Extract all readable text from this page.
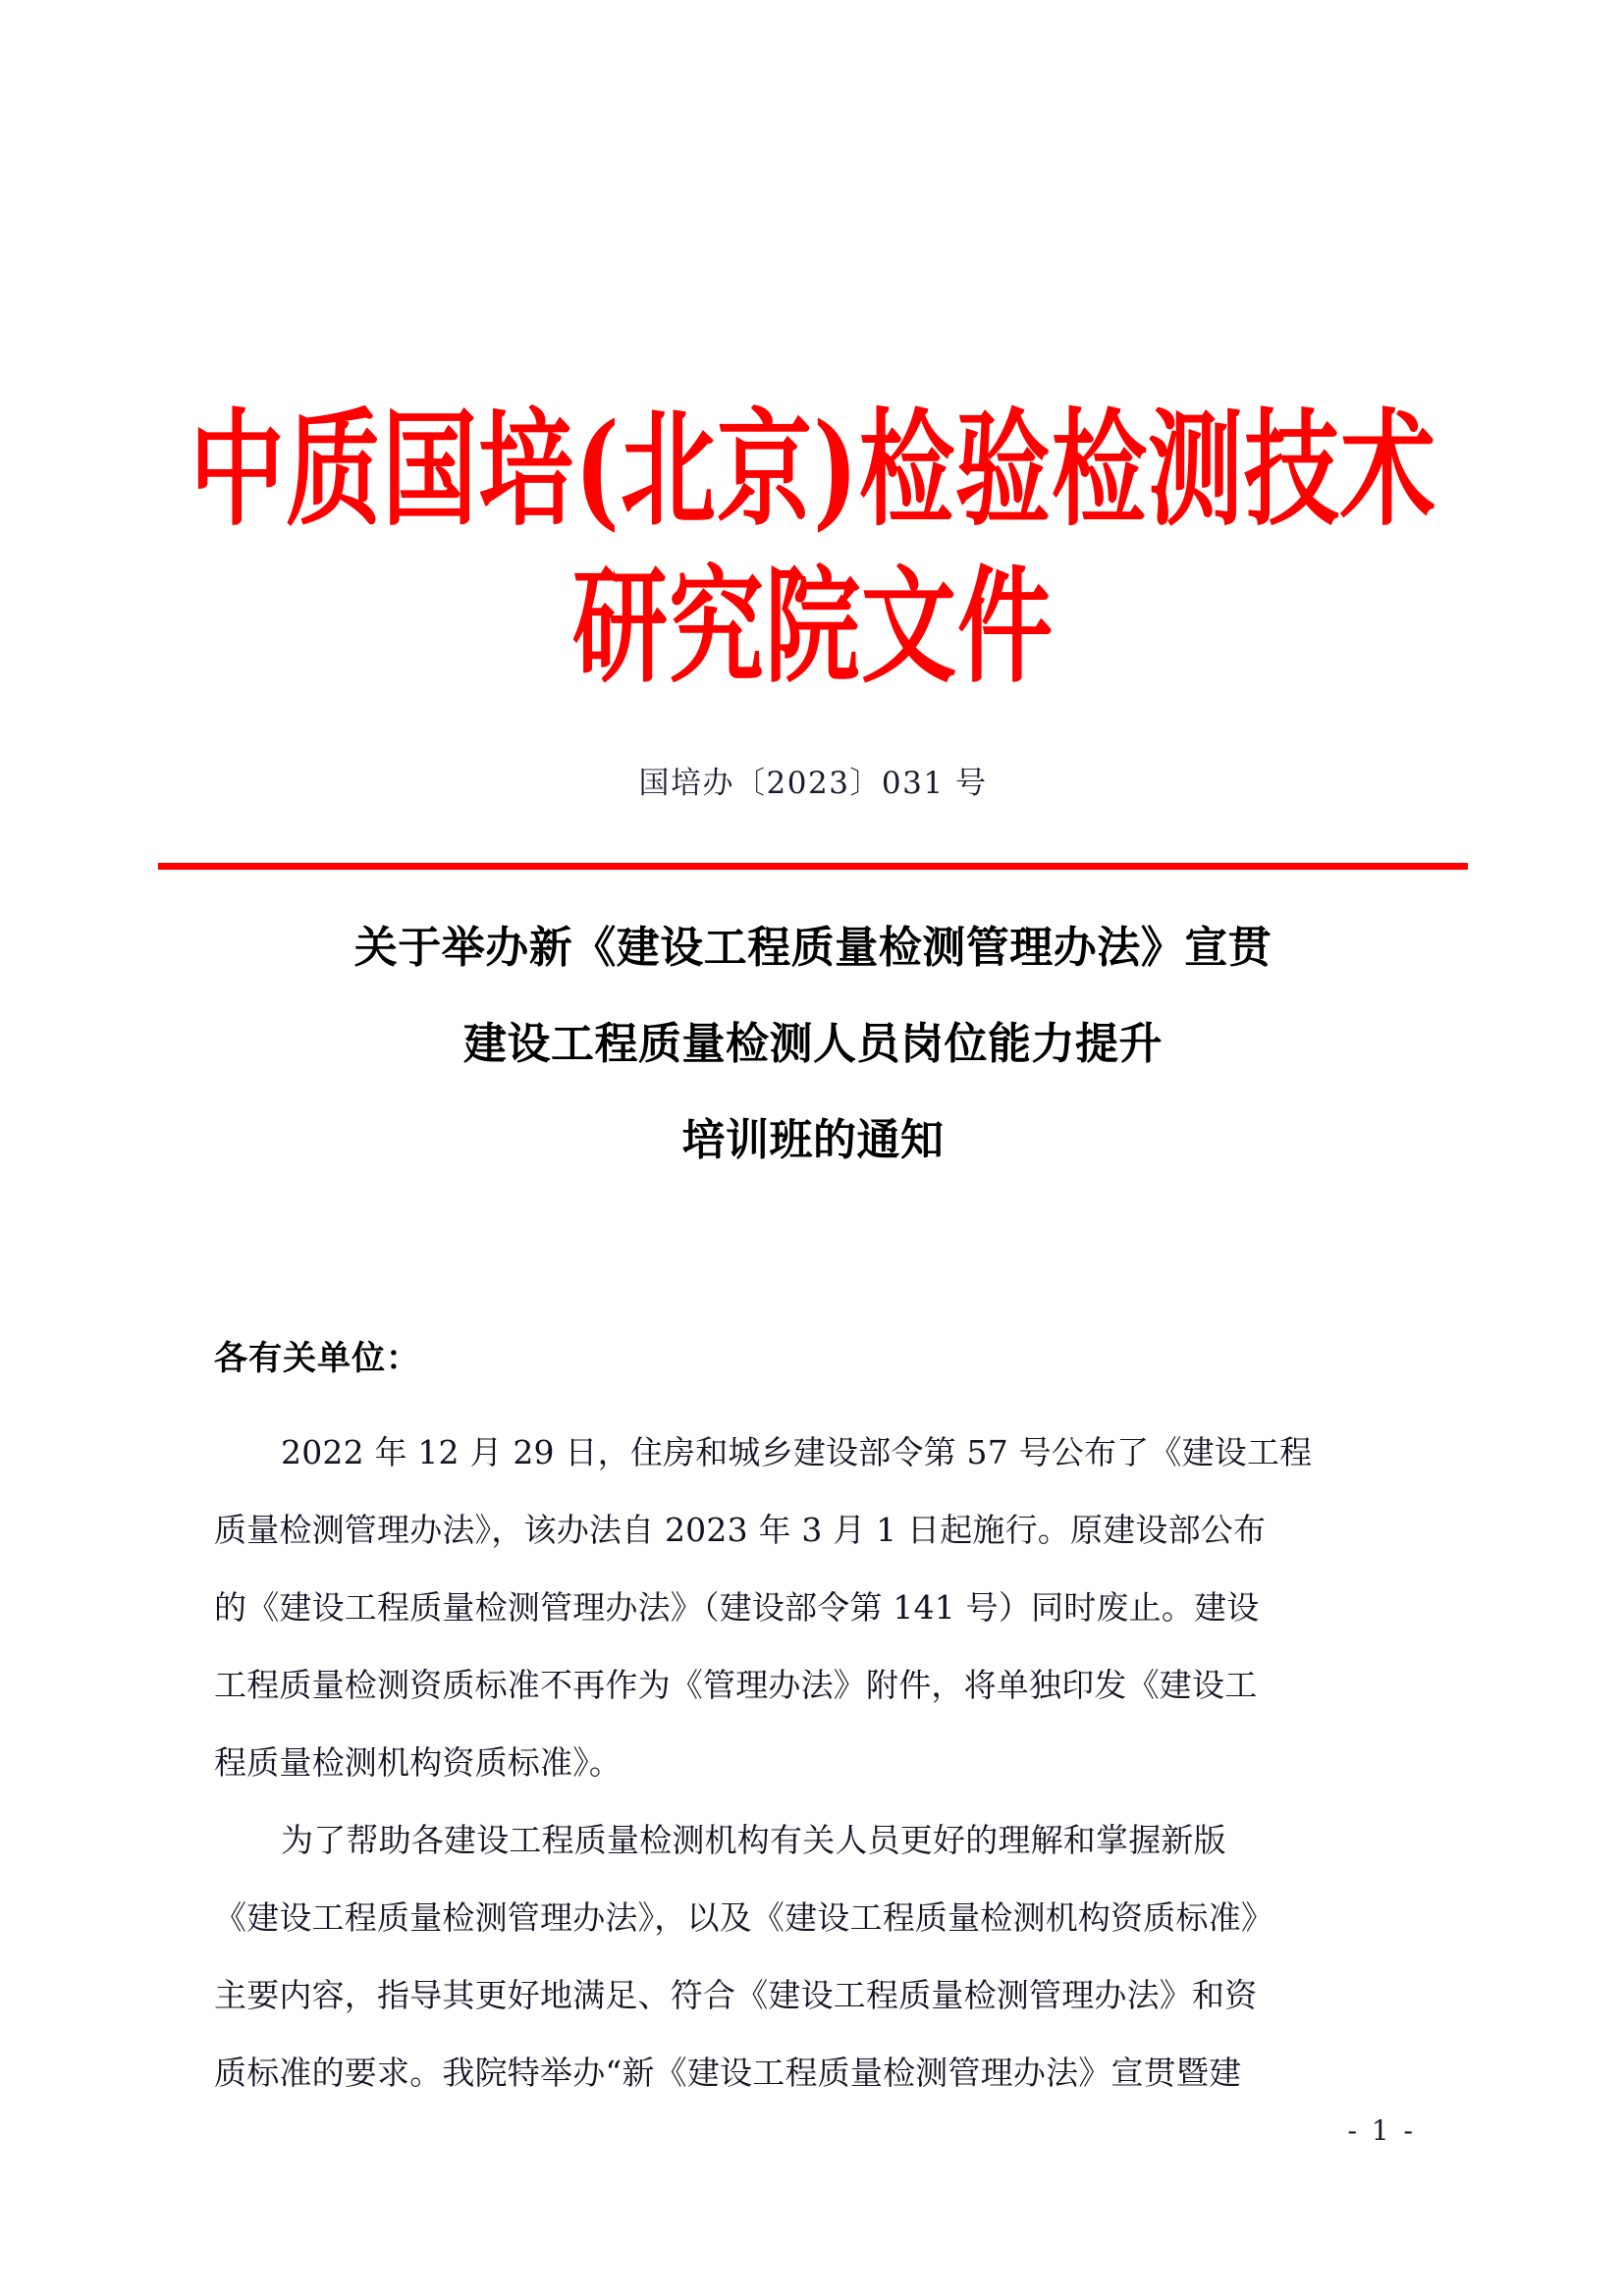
中质国培(北京)检验检测技术
研究院文件
国培办〔2023〕031 号
关于举办新《建设工程质量检测管理办法》宣贯
建设工程质量检测人员岗位能力提升
培训班的通知
各有关单位：
2022 年 12 月 29 日，住房和城乡建设部令第 57 号公布了《建设工程
质量检测管理办法》，该办法自 2023 年 3 月 1 日起施行。原建设部公布
的《建设工程质量检测管理办法》（建设部令第 141 号）同时废止。建设
工程质量检测资质标准不再作为《管理办法》附件，将单独印发《建设工
程质量检测机构资质标准》。
为了帮助各建设工程质量检测机构有关人员更好的理解和掌握新版
《建设工程质量检测管理办法》，以及《建设工程质量检测机构资质标准》
主要内容，指导其更好地满足、符合《建设工程质量检测管理办法》和资
质标准的要求。我院特举办“新《建设工程质量检测管理办法》宣贯暨建
- 1 -
